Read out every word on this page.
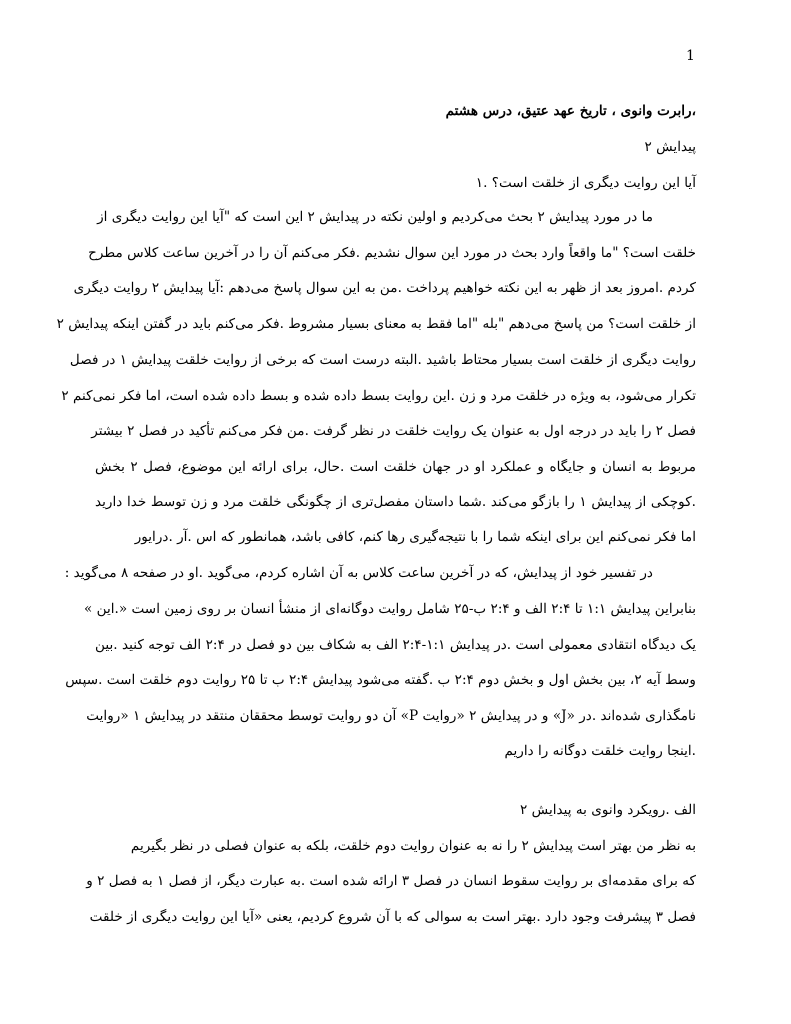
1
،رابرت وانوی ، تاریخ عهد عتیق، درس هشتم
پیدایش ۲
آیا این روایت دیگری از خلقت است؟ .۱
ما در مورد پیدایش ۲ بحث می‌کردیم و اولین نکته در پیدایش ۲ این است که "آیا این روایت دیگری از
خلقت است؟ "ما واقعاً وارد بحث در مورد این سوال نشدیم .فکر می‌کنم آن را در آخرین ساعت کلاس مطرح
کردم .امروز بعد از ظهر به این نکته خواهیم پرداخت .من به این سوال پاسخ می‌دهم :آیا پیدایش ۲ روایت دیگری
از خلقت است؟ من پاسخ می‌دهم "بله "اما فقط به معنای بسیار مشروط .فکر می‌کنم باید در گفتن اینکه پیدایش ۲
روایت دیگری از خلقت است بسیار محتاط باشید .البته درست است که برخی از روایت خلقت پیدایش ۱ در فصل
تکرار می‌شود، به ویژه در خلقت مرد و زن .این روایت بسط داده شده و بسط داده شده است، اما فکر نمی‌کنم ۲
فصل ۲ را باید در درجه اول به عنوان یک روایت خلقت در نظر گرفت .من فکر می‌کنم تأکید در فصل ۲ بیشتر
مربوط به انسان و جایگاه و عملکرد او در جهان خلقت است .حال، برای ارائه این موضوع، فصل ۲ بخش
.کوچکی از پیدایش ۱ را بازگو می‌کند .شما داستان مفصل‌تری از چگونگی خلقت مرد و زن توسط خدا دارید
اما فکر نمی‌کنم این برای اینکه شما را با نتیجه‌گیری رها کنم، کافی باشد، همانطور که اس .آر .درایور
در تفسیر خود از پیدایش، که در آخرین ساعت کلاس به آن اشاره کردم، می‌گوید .او در صفحه ۸ می‌گوید :
بنابراین پیدایش ۱:۱ تا ۲:۴ الف و ۲:۴ ب-۲۵ شامل روایت دوگانه‌ای از منشأ انسان بر روی زمین است «.این »
یک دیدگاه انتقادی معمولی است .در پیدایش ۱:۱-۲:۴ الف به شکاف بین دو فصل در ۲:۴ الف توجه کنید .بین
وسط آیه ۲، بین بخش اول و بخش دوم ۲:۴ ب .گفته می‌شود پیدایش ۲:۴ ب تا ۲۵ روایت دوم خلقت است .سپس
نامگذاری شده‌اند .در «J» و در پیدایش ۲ «روایت P» آن دو روایت توسط محققان منتقد در پیدایش ۱ «روایت
.اینجا روایت خلقت دوگانه را داریم
الف .رویکرد وانوی به پیدایش ۲
به نظر من بهتر است پیدایش ۲ را نه به عنوان روایت دوم خلقت، بلکه به عنوان فصلی در نظر بگیریم
که برای مقدمه‌ای بر روایت سقوط انسان در فصل ۳ ارائه شده است .به عبارت دیگر، از فصل ۱ به فصل ۲ و
فصل ۳ پیشرفت وجود دارد .بهتر است به سوالی که با آن شروع کردیم، یعنی «آیا این روایت دیگری از خلقت
